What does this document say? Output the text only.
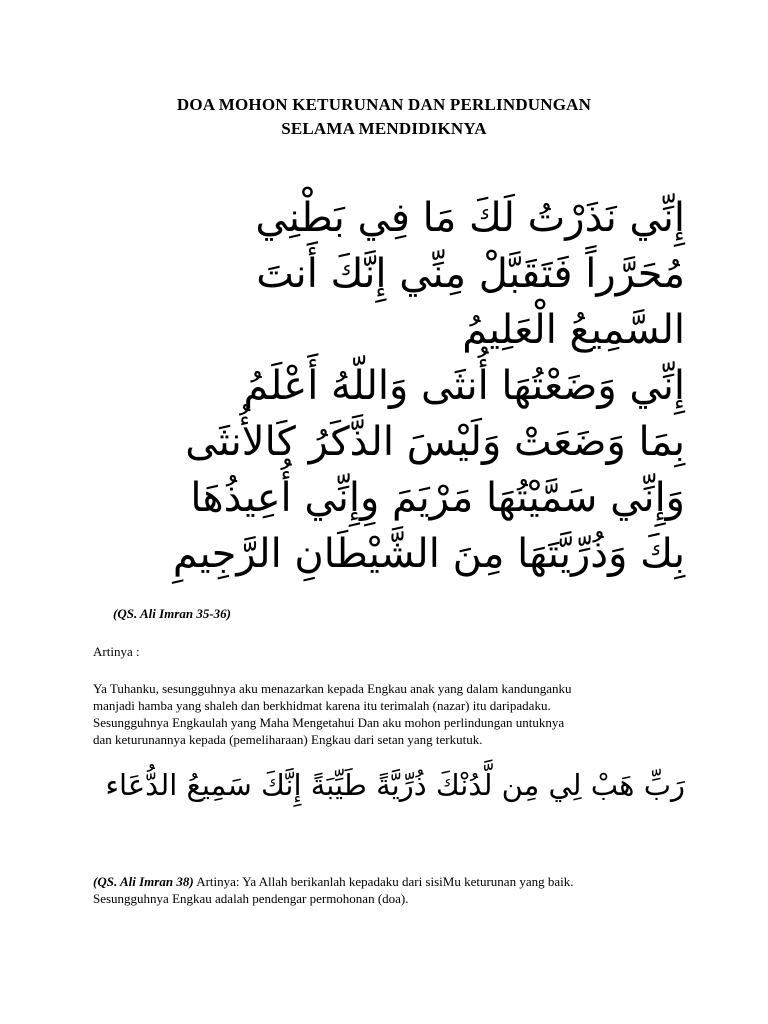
DOA MOHON KETURUNAN DAN PERLINDUNGAN
SELAMA MENDIDIKNYA
إِنِّي نَذَرْتُ لَكَ مَا فِي بَطْنِي
مُحَرَّراً فَتَقَبَّلْ مِنِّي إِنَّكَ أَنتَ
السَّمِيعُ الْعَلِيمُ
إِنِّي وَضَعْتُهَا أُنثَى وَاللّهُ أَعْلَمُ
بِمَا وَضَعَتْ وَلَيْسَ الذَّكَرُ كَالأُنثَى
وَإِنِّي سَمَّيْتُهَا مَرْيَمَ وِإِنِّي أُعِيذُهَا
بِكَ وَذُرِّيَّتَهَا مِنَ الشَّيْطَانِ الرَّجِيمِ
(QS. Ali Imran 35-36)
Artinya :
Ya Tuhanku, sesungguhnya aku menazarkan kepada Engkau anak yang dalam kandunganku
manjadi hamba yang shaleh dan berkhidmat karena itu terimalah (nazar) itu daripadaku.
Sesungguhnya Engkaulah yang Maha Mengetahui Dan aku mohon perlindungan untuknya
dan keturunannya kepada (pemeliharaan) Engkau dari setan yang terkutuk.
رَبِّ هَبْ لِي مِن لَّدُنْكَ ذُرِّيَّةً طَيِّبَةً إِنَّكَ سَمِيعُ الدُّعَاء
(QS. Ali Imran 38) Artinya: Ya Allah berikanlah kepadaku dari sisiMu keturunan yang baik.
Sesungguhnya Engkau adalah pendengar permohonan (doa).
